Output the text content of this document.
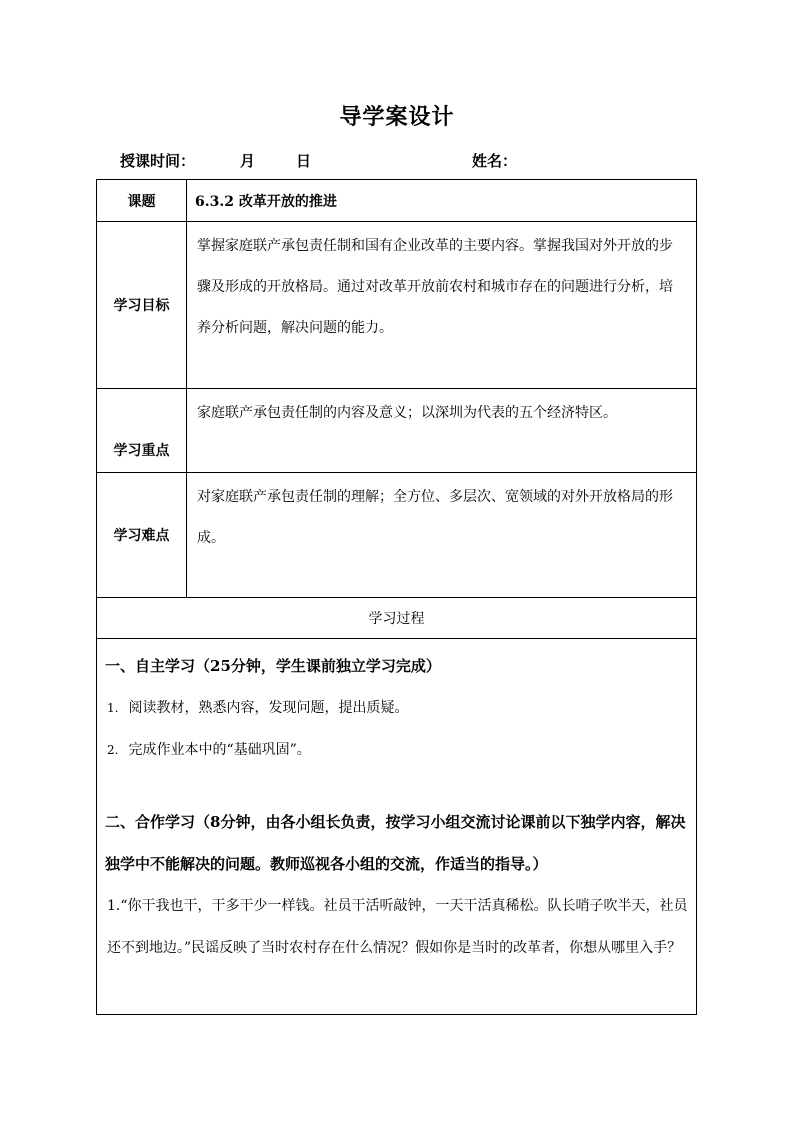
导学案设计
授课时间：	月	日	姓名：
课题	6.3.2 改革开放的推进
学习目标	掌握家庭联产承包责任制和国有企业改革的主要内容。掌握我国对外开放的步骤及形成的开放格局。通过对改革开放前农村和城市存在的问题进行分析，培养分析问题，解决问题的能力。
学习重点	家庭联产承包责任制的内容及意义；以深圳为代表的五个经济特区。
学习难点	对家庭联产承包责任制的理解；全方位、多层次、宽领域的对外开放格局的形成。
学习过程	

一、自主学习（25分钟，学生课前独立学习完成）

1. 阅读教材，熟悉内容，发现问题，提出质疑。

2. 完成作业本中的“基础巩固”。

二、合作学习（8分钟，由各小组长负责，按学习小组交流讨论课前以下独学内容，解决独学中不能解决的问题。教师巡视各小组的交流，作适当的指导。）

1.“你干我也干，干多干少一样钱。社员干活听敲钟，一天干活真稀松。队长哨子吹半天，社员还不到地边。”民谣反映了当时农村存在什么情况？假如你是当时的改革者，你想从哪里入手？	
